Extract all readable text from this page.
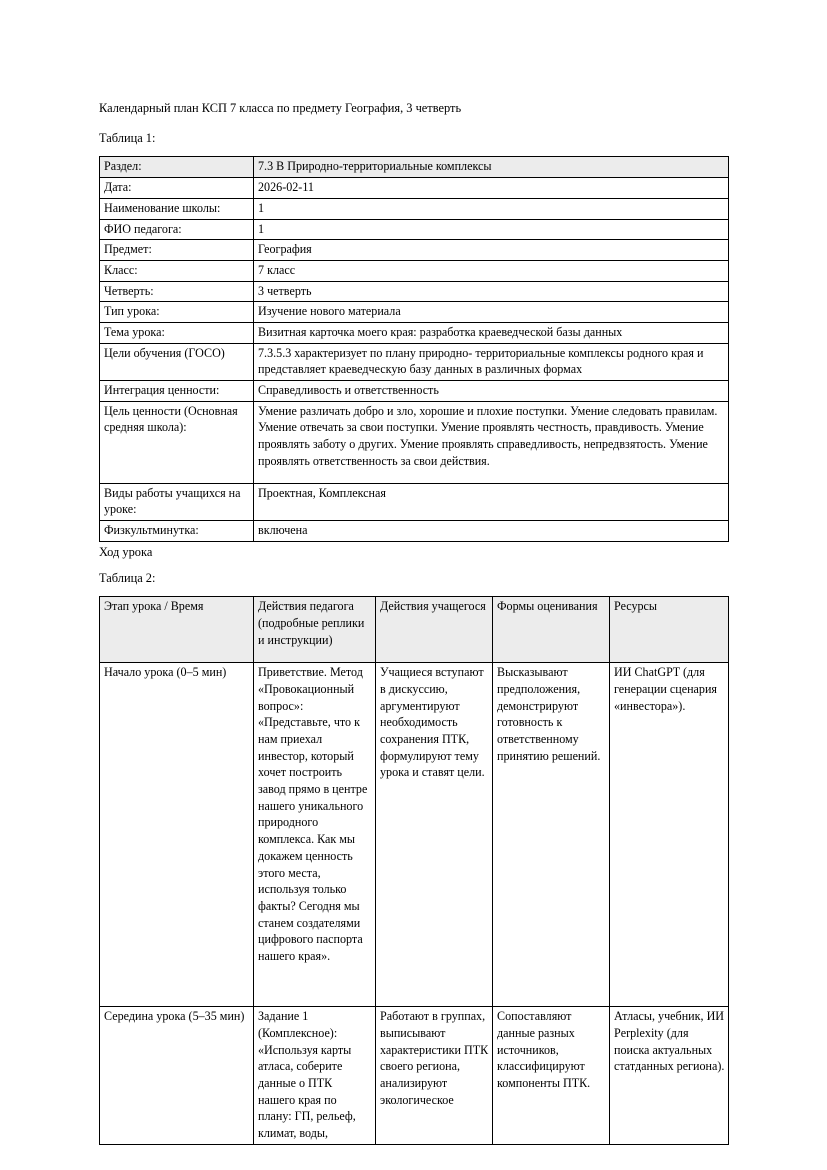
Календарный план КСП 7 класса по предмету География, 3 четверть

Таблица 1:

Раздел:	7.3 В Природно-территориальные комплексы
Дата:	2026-02-11
Наименование школы:	1
ФИО педагога:	1
Предмет:	География
Класс:	7 класс
Четверть:	3 четверть
Тип урока:	Изучение нового материала
Тема урока:	Визитная карточка моего края: разработка краеведческой базы данных
Цели обучения (ГОСО)	7.3.5.3 характеризует по плану природно- территориальные комплексы родного края и представляет краеведческую базу данных в различных формах
Интеграция ценности:	Справедливость и ответственность
Цель ценности (Основная средняя школа):	Умение различать добро и зло, хорошие и плохие поступки. Умение следовать правилам. Умение отвечать за свои поступки. Умение проявлять честность, правдивость. Умение проявлять заботу о других. Умение проявлять справедливость, непредвзятость. Умение проявлять ответственность за свои действия.
Виды работы учащихся на уроке:	Проектная, Комплексная
Физкультминутка:	включена

Ход урока

Таблица 2:

Этап урока / Время	Действия педагога (подробные реплики и инструкции)	Действия учащегося	Формы оценивания	Ресурсы
Начало урока (0–5 мин)	Приветствие. Метод «Провокационный вопрос»: «Представьте, что к нам приехал инвестор, который хочет построить завод прямо в центре нашего уникального природного комплекса. Как мы докажем ценность этого места, используя только факты? Сегодня мы станем создателями цифрового паспорта нашего края».	Учащиеся вступают в дискуссию, аргументируют необходимость сохранения ПТК, формулируют тему урока и ставят цели.	Высказывают предположения, демонстрируют готовность к ответственному принятию решений.	ИИ ChatGPT (для генерации сценария «инвестора»).
Середина урока (5–35 мин)	Задание 1 (Комплексное): «Используя карты атласа, соберите данные о ПТК нашего края по плану: ГП, рельеф, климат, воды,	Работают в группах, выписывают характеристики ПТК своего региона, анализируют экологическое	Сопоставляют данные разных источников, классифицируют компоненты ПТК.	Атласы, учебник, ИИ Perplexity (для поиска актуальных статданных региона).
